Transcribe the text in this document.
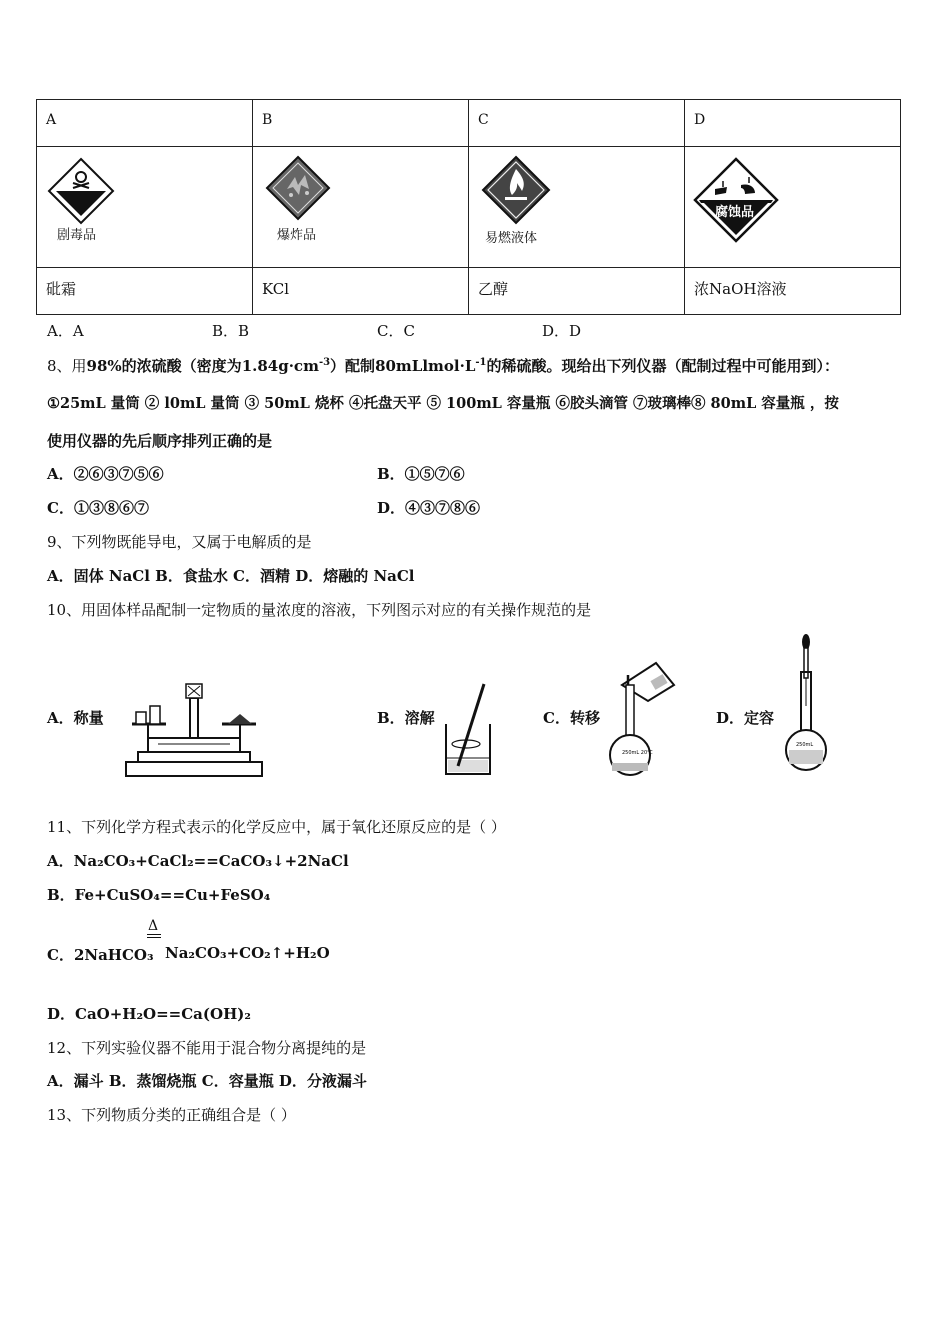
A	B	C	D

剧毒品	爆炸品	易燃液体	腐蚀品

砒霜	KCl	乙醇	浓NaOH溶液
A．A	B．B	C．C	D．D
8、用98%的浓硫酸（密度为$1.84g\cdot cm^{-3}$）配制$80mLlmol\cdot L^{-1}$的稀硫酸。现给出下列仪器（配制过程中可能用到）：
①25mL 量筒 ② l0mL 量筒 ③ 50mL 烧杯 ④托盘天平 ⑤ 100mL 容量瓶 ⑥胶头滴管 ⑦玻璃棒⑧ 80mL 容量瓶 ，按
使用仪器的先后顺序排列正确的是
A．②⑥③⑦⑤⑥	B．①⑤⑦⑥
C．①③⑧⑥⑦	D．④③⑦⑧⑥
9、下列物既能导电，又属于电解质的是
A．固体 NaCl B．食盐水 C．酒精 D．熔融的 NaCl
10、用固体样品配制一定物质的量浓度的溶液，下列图示对应的有关操作规范的是
A．称量	B．溶解	C．转移
250mL 20℃
D．定容
250mL
11、下列化学方程式表示的化学反应中，属于氧化还原反应的是（ ）
A．Na₂CO₃+CaCl₂==CaCO₃↓+2NaCl
B．Fe+CuSO₄==Cu+FeSO₄
C．2NaHCO₃
Δ
Na₂CO₃+CO₂↑+H₂O
D．CaO+H₂O==Ca(OH)₂
12、下列实验仪器不能用于混合物分离提纯的是
A．漏斗 B．蒸馏烧瓶 C．容量瓶 D．分液漏斗
13、下列物质分类的正确组合是（ ）
